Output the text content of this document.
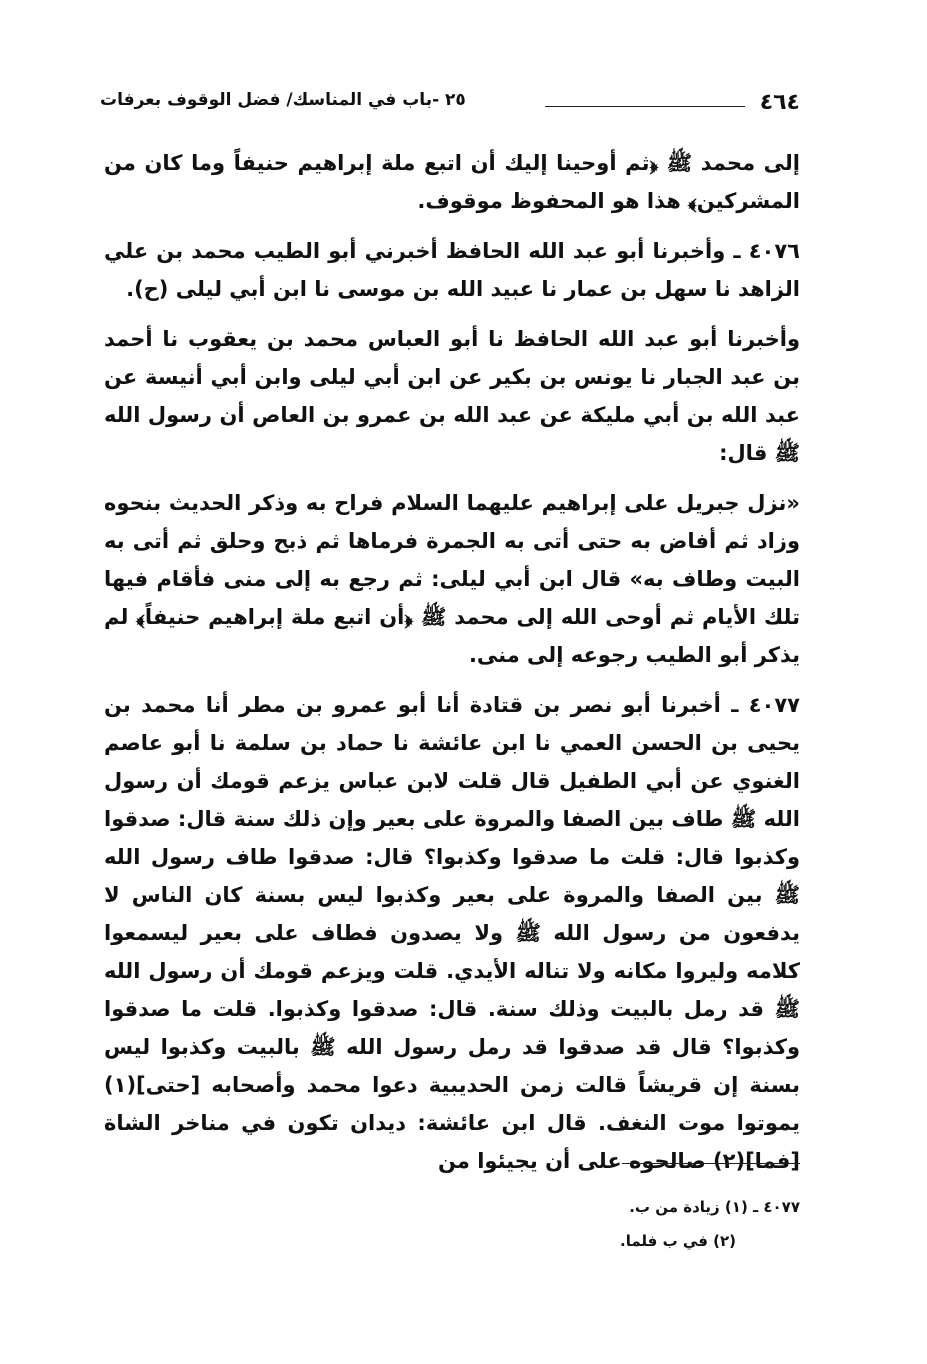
٤٦٤
٢٥ -باب في المناسك/ فضل الوقوف بعرفات

إلى محمد ﷺ ﴿ثم أوحينا إليك أن اتبع ملة إبراهيم حنيفاً وما كان من المشركين﴾ هذا هو المحفوظ موقوف.

٤٠٧٦ ـ وأخبرنا أبو عبد الله الحافظ أخبرني أبو الطيب محمد بن علي الزاهد نا سهل بن عمار نا عبيد الله بن موسى نا ابن أبي ليلى (ح).

وأخبرنا أبو عبد الله الحافظ نا أبو العباس محمد بن يعقوب نا أحمد بن عبد الجبار نا يونس بن بكير عن ابن أبي ليلى وابن أبي أنيسة عن عبد الله بن أبي مليكة عن عبد الله بن عمرو بن العاص أن رسول الله ﷺ قال:

«نزل جبريل على إبراهيم عليهما السلام فراح به وذكر الحديث بنحوه وزاد ثم أفاض به حتى أتى به الجمرة فرماها ثم ذبح وحلق ثم أتى به البيت وطاف به» قال ابن أبي ليلى: ثم رجع به إلى منى فأقام فيها تلك الأيام ثم أوحى الله إلى محمد ﷺ ﴿أن اتبع ملة إبراهيم حنيفاً﴾ لم يذكر أبو الطيب رجوعه إلى منى.

٤٠٧٧ ـ أخبرنا أبو نصر بن قتادة أنا أبو عمرو بن مطر أنا محمد بن يحيى بن الحسن العمي نا ابن عائشة نا حماد بن سلمة نا أبو عاصم الغنوي عن أبي الطفيل قال قلت لابن عباس يزعم قومك أن رسول الله ﷺ طاف بين الصفا والمروة على بعير وإن ذلك سنة قال: صدقوا وكذبوا قال: قلت ما صدقوا وكذبوا؟ قال: صدقوا طاف رسول الله ﷺ بين الصفا والمروة على بعير وكذبوا ليس بسنة كان الناس لا يدفعون من رسول الله ﷺ ولا يصدون فطاف على بعير ليسمعوا كلامه وليروا مكانه ولا تناله الأيدي. قلت ويزعم قومك أن رسول الله ﷺ قد رمل بالبيت وذلك سنة. قال: صدقوا وكذبوا. قلت ما صدقوا وكذبوا؟ قال قد صدقوا قد رمل رسول الله ﷺ بالبيت وكذبوا ليس بسنة إن قريشاً قالت زمن الحديبية دعوا محمد وأصحابه [حتى](١) يموتوا موت النغف. قال ابن عائشة: ديدان تكون في مناخر الشاة [فما](٢) صالحوه على أن يجيئوا من

٤٠٧٧ ـ (١) زيادة من ب.
(٢) في ب فلما.
